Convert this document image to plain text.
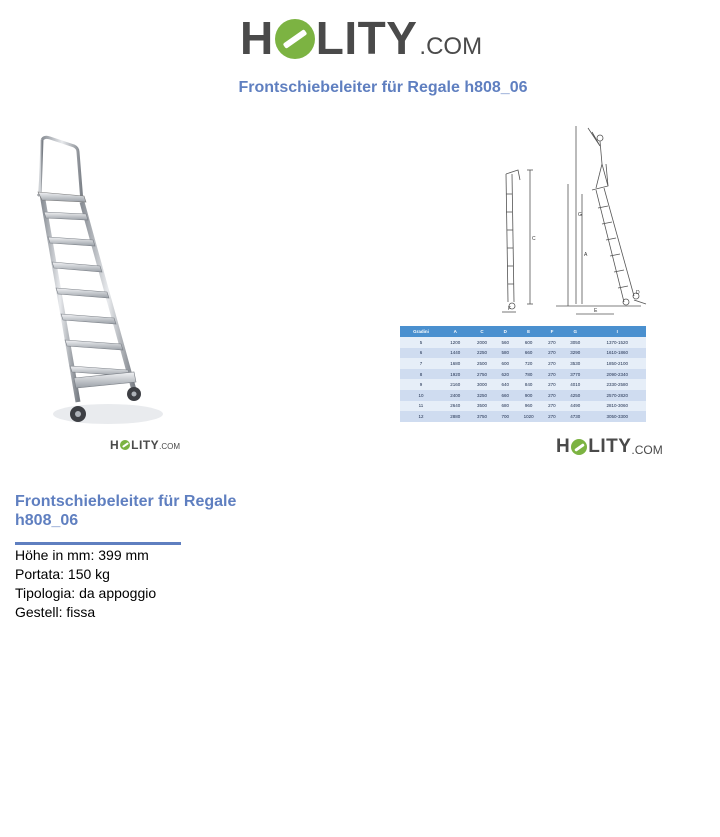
H LITY .COM
Frontschiebeleiter für Regale h808_06
H LITY .COM
C
A
G
F	E
D
Gradini	A	C	D	E	F	G	I
5	1200	2000	560	600	270	3050	1370-1520
6	1440	2250	580	660	270	3290	1610-1860
7	1680	2500	600	720	270	3530	1850-2100
8	1920	2750	620	780	270	3770	2090-2340
9	2160	3000	640	840	270	4010	2330-2580
10	2400	3250	660	900	270	4250	2570-2820
11	2640	3500	680	960	270	4490	2810-3060
12	2880	3750	700	1020	270	4730	3050-3300
H LITY .COM
Frontschiebeleiter für Regale h808_06
Höhe in mm: 399 mm
Portata: 150 kg
Tipologia: da appoggio
Gestell: fissa
